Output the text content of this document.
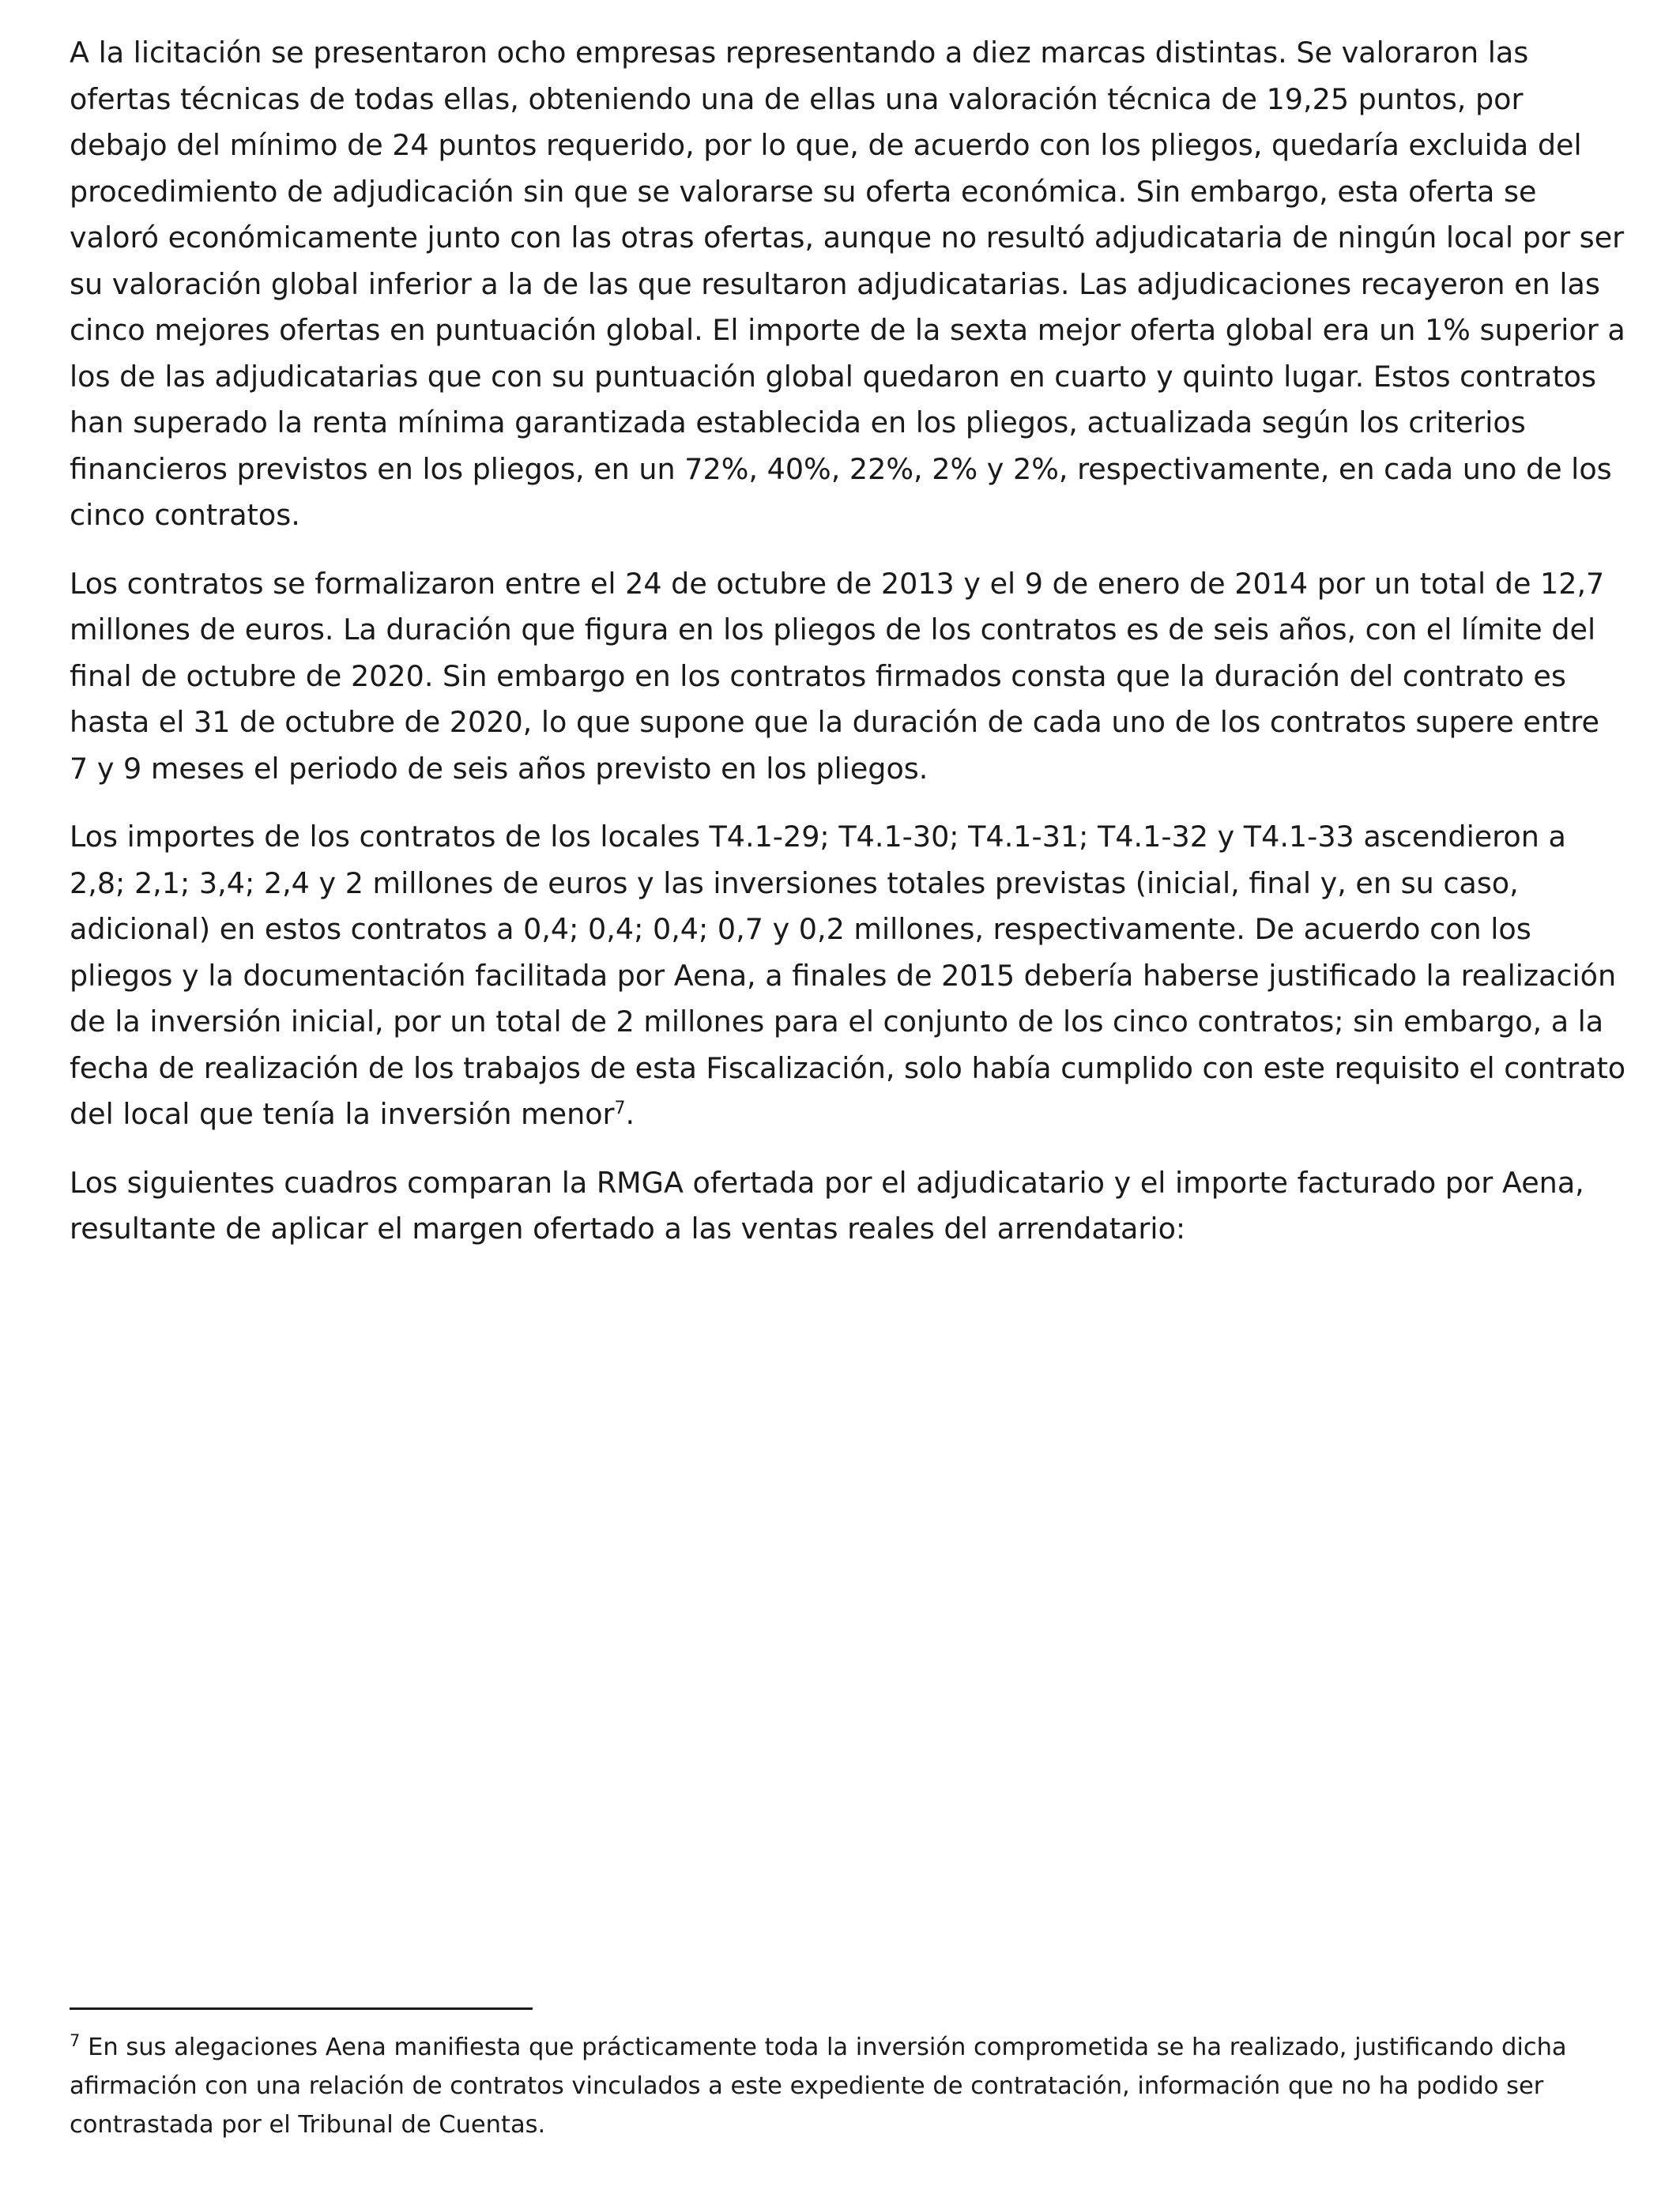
A la licitación se presentaron ocho empresas representando a diez marcas distintas. Se valoraron las ofertas técnicas de todas ellas, obteniendo una de ellas una valoración técnica de 19,25 puntos, por debajo del mínimo de 24 puntos requerido, por lo que, de acuerdo con los pliegos, quedaría excluida del procedimiento de adjudicación sin que se valorarse su oferta económica. Sin embargo, esta oferta se valoró económicamente junto con las otras ofertas, aunque no resultó adjudicataria de ningún local por ser su valoración global inferior a la de las que resultaron adjudicatarias. Las adjudicaciones recayeron en las cinco mejores ofertas en puntuación global. El importe de la sexta mejor oferta global era un 1% superior a los de las adjudicatarias que con su puntuación global quedaron en cuarto y quinto lugar. Estos contratos han superado la renta mínima garantizada establecida en los pliegos, actualizada según los criterios financieros previstos en los pliegos, en un 72%, 40%, 22%, 2% y 2%, respectivamente, en cada uno de los cinco contratos.

Los contratos se formalizaron entre el 24 de octubre de 2013 y el 9 de enero de 2014 por un total de 12,7 millones de euros. La duración que figura en los pliegos de los contratos es de seis años, con el límite del final de octubre de 2020. Sin embargo en los contratos firmados consta que la duración del contrato es hasta el 31 de octubre de 2020, lo que supone que la duración de cada uno de los contratos supere entre 7 y 9 meses el periodo de seis años previsto en los pliegos.

Los importes de los contratos de los locales T4.1-29; T4.1-30; T4.1-31; T4.1-32 y T4.1-33 ascendieron a 2,8; 2,1; 3,4; 2,4 y 2 millones de euros y las inversiones totales previstas (inicial, final y, en su caso, adicional) en estos contratos a 0,4; 0,4; 0,4; 0,7 y 0,2 millones, respectivamente. De acuerdo con los pliegos y la documentación facilitada por Aena, a finales de 2015 debería haberse justificado la realización de la inversión inicial, por un total de 2 millones para el conjunto de los cinco contratos; sin embargo, a la fecha de realización de los trabajos de esta Fiscalización, solo había cumplido con este requisito el contrato del local que tenía la inversión menor$^7$.

Los siguientes cuadros comparan la RMGA ofertada por el adjudicatario y el importe facturado por Aena, resultante de aplicar el margen ofertado a las ventas reales del arrendatario:

$^7$ En sus alegaciones Aena manifiesta que prácticamente toda la inversión comprometida se ha realizado, justificando dicha afirmación con una relación de contratos vinculados a este expediente de contratación, información que no ha podido ser contrastada por el Tribunal de Cuentas.
